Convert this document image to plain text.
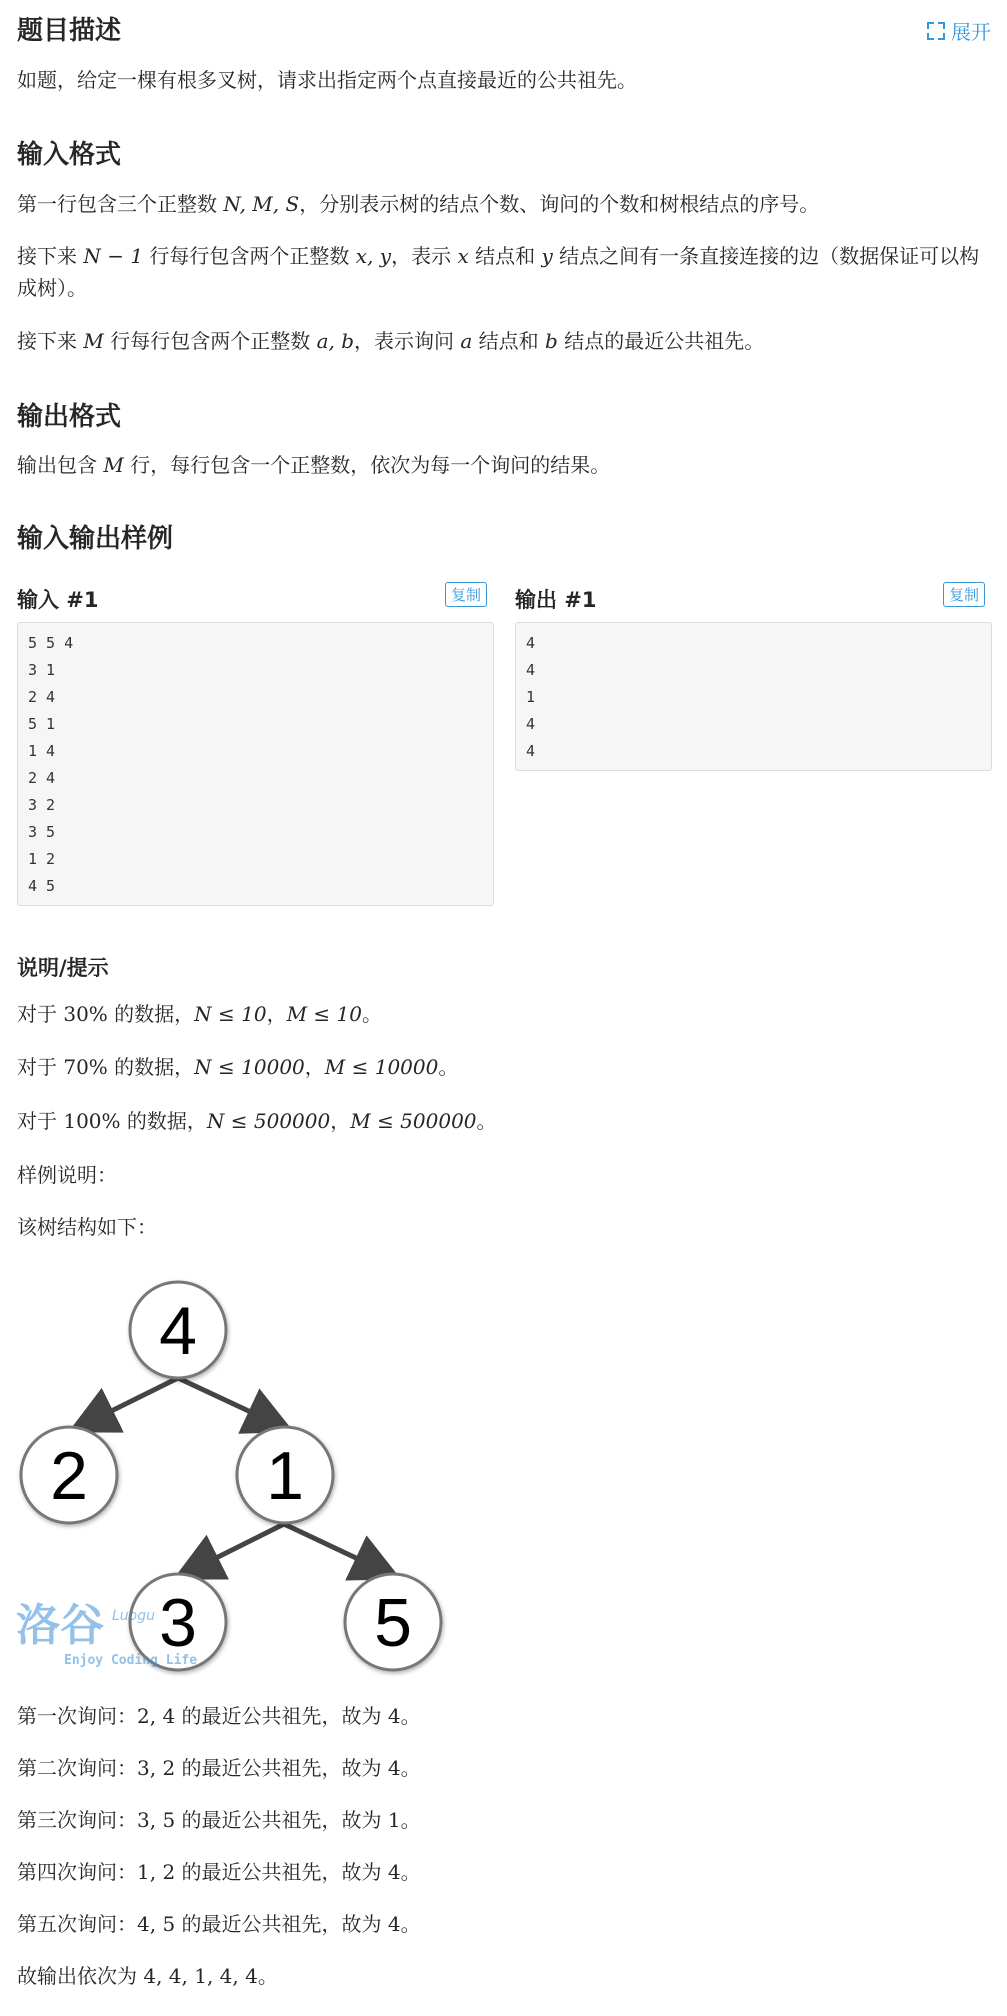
题目描述	展开
如题，给定一棵有根多叉树，请求出指定两个点直接最近的公共祖先。
输入格式
第一行包含三个正整数 N, M, S，分别表示树的结点个数、询问的个数和树根结点的序号。
接下来 N − 1 行每行包含两个正整数 x, y，表示 x 结点和 y 结点之间有一条直接连接的边（数据保证可以构成树）。
接下来 M 行每行包含两个正整数 a, b，表示询问 a 结点和 b 结点的最近公共祖先。
输出格式
输出包含 M 行，每行包含一个正整数，依次为每一个询问的结果。
输入输出样例
输入 #1	复制
5 5 4
3 1
2 4
5 1
1 4
2 4
3 2
3 5
1 2
4 5
输出 #1	复制
4
4
1
4
4
说明/提示
对于 30% 的数据，N ≤ 10，M ≤ 10。
对于 70% 的数据，N ≤ 10000，M ≤ 10000。
对于 100% 的数据，N ≤ 500000，M ≤ 500000。
样例说明：
该树结构如下：
4
2	1
3	5
洛谷 Luogu
Enjoy Coding Life
第一次询问：2, 4 的最近公共祖先，故为 4。
第二次询问：3, 2 的最近公共祖先，故为 4。
第三次询问：3, 5 的最近公共祖先，故为 1。
第四次询问：1, 2 的最近公共祖先，故为 4。
第五次询问：4, 5 的最近公共祖先，故为 4。
故输出依次为 4, 4, 1, 4, 4。
